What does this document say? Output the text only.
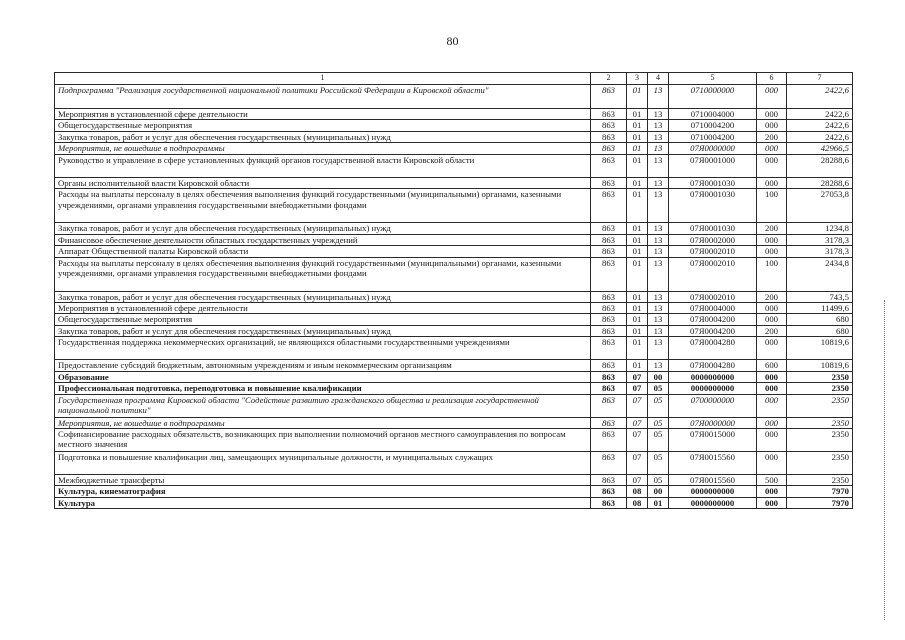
80
1	2	3	4	5	6	7
Подпрограмма "Реализация государственной национальной политики Российской Федерации в Кировской области"	863	01	13	0710000000	000	2422,6
Мероприятия в установленной сфере деятельности	863	01	13	0710004000	000	2422,6
Общегосударственные мероприятия	863	01	13	0710004200	000	2422,6
Закупка товаров, работ и услуг для обеспечения государственных (муниципальных) нужд	863	01	13	0710004200	200	2422,6
Мероприятия, не вошедшие в подпрограммы	863	01	13	07Я0000000	000	42966,5
Руководство и управление в сфере установленных функций органов государственной власти Кировской области	863	01	13	07Я0001000	000	28288,6
Органы исполнительной власти Кировской области	863	01	13	07Я0001030	000	28288,6
Расходы на выплаты персоналу в целях обеспечения выполнения функций государственными (муниципальными) органами, казенными учреждениями, органами управления государственными внебюджетными фондами	863	01	13	07Я0001030	100	27053,8
Закупка товаров, работ и услуг для обеспечения государственных (муниципальных) нужд	863	01	13	07Я0001030	200	1234,8
Финансовое обеспечение деятельности областных государственных учреждений	863	01	13	07Я0002000	000	3178,3
Аппарат Общественной палаты Кировской области	863	01	13	07Я0002010	000	3178,3
Расходы на выплаты персоналу в целях обеспечения выполнения функций государственными (муниципальными) органами, казенными учреждениями, органами управления государственными внебюджетными фондами	863	01	13	07Я0002010	100	2434,8
Закупка товаров, работ и услуг для обеспечения государственных (муниципальных) нужд	863	01	13	07Я0002010	200	743,5
Мероприятия в установленной сфере деятельности	863	01	13	07Я0004000	000	11499,6
Общегосударственные мероприятия	863	01	13	07Я0004200	000	680
Закупка товаров, работ и услуг для обеспечения государственных (муниципальных) нужд	863	01	13	07Я0004200	200	680
Государственная поддержка некоммерческих организаций, не являющихся областными государственными учреждениями	863	01	13	07Я0004280	000	10819,6
Предоставление субсидий бюджетным, автономным учреждениям и иным некоммерческим организациям	863	01	13	07Я0004280	600	10819,6
Образование	863	07	00	0000000000	000	2350
Профессиональная подготовка, переподготовка и повышение квалификации	863	07	05	0000000000	000	2350
Государственная программа Кировской области "Содействие развитию гражданского общества и реализация государственной национальной политики"	863	07	05	0700000000	000	2350
Мероприятия, не вошедшие в подпрограммы	863	07	05	07Я0000000	000	2350
Софинансирование расходных обязательств, возникающих при выполнении полномочий органов местного самоуправления по вопросам местного значения	863	07	05	07Я0015000	000	2350
Подготовка и повышение квалификации лиц, замещающих муниципальные должности, и муниципальных служащих	863	07	05	07Я0015560	000	2350
Межбюджетные трансферты	863	07	05	07Я0015560	500	2350
Культура, кинематография	863	08	00	0000000000	000	7970
Культура	863	08	01	0000000000	000	7970
